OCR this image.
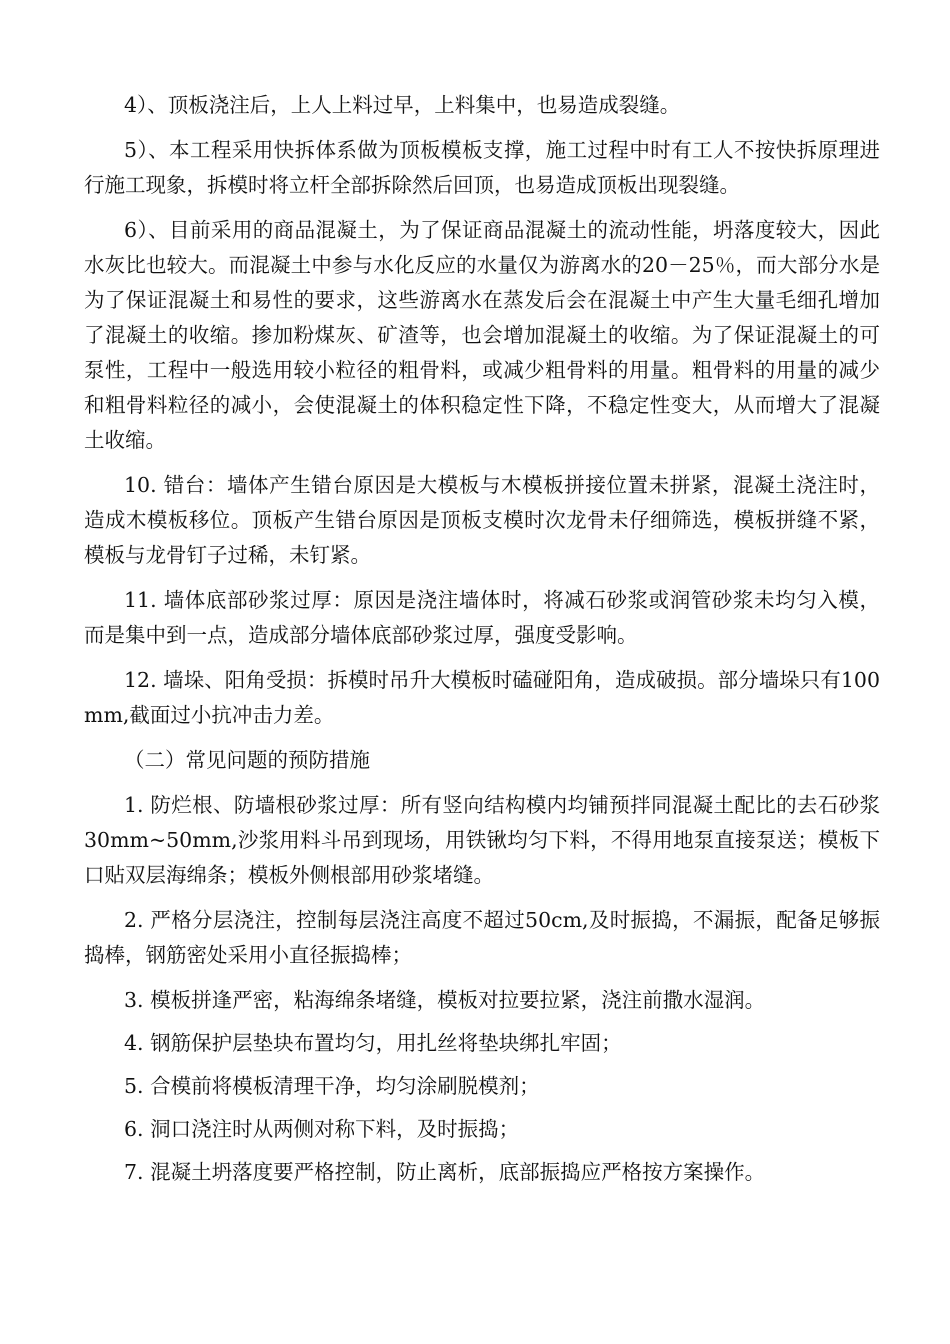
4）、顶板浇注后，上人上料过早，上料集中，也易造成裂缝。

5）、本工程采用快拆体系做为顶板模板支撑，施工过程中时有工人不按快拆原理进行施工现象，拆模时将立杆全部拆除然后回顶，也易造成顶板出现裂缝。

6）、目前采用的商品混凝土，为了保证商品混凝土的流动性能，坍落度较大，因此水灰比也较大。而混凝土中参与水化反应的水量仅为游离水的20－25％，而大部分水是为了保证混凝土和易性的要求，这些游离水在蒸发后会在混凝土中产生大量毛细孔增加了混凝土的收缩。掺加粉煤灰、矿渣等，也会增加混凝土的收缩。为了保证混凝土的可泵性，工程中一般选用较小粒径的粗骨料，或减少粗骨料的用量。粗骨料的用量的减少和粗骨料粒径的减小，会使混凝土的体积稳定性下降，不稳定性变大，从而增大了混凝土收缩。

10. 错台：墙体产生错台原因是大模板与木模板拼接位置未拼紧，混凝土浇注时，造成木模板移位。顶板产生错台原因是顶板支模时次龙骨未仔细筛选，模板拼缝不紧，模板与龙骨钉子过稀，未钉紧。

11. 墙体底部砂浆过厚：原因是浇注墙体时，将减石砂浆或润管砂浆未均匀入模，而是集中到一点，造成部分墙体底部砂浆过厚，强度受影响。

12. 墙垛、阳角受损：拆模时吊升大模板时磕碰阳角，造成破损。部分墙垛只有100mm,截面过小抗冲击力差。

（二）常见问题的预防措施

1. 防烂根、防墙根砂浆过厚：所有竖向结构模内均铺预拌同混凝土配比的去石砂浆30mm~50mm,沙浆用料斗吊到现场，用铁锹均匀下料，不得用地泵直接泵送；模板下口贴双层海绵条；模板外侧根部用砂浆堵缝。

2. 严格分层浇注，控制每层浇注高度不超过50cm,及时振捣，不漏振，配备足够振捣棒，钢筋密处采用小直径振捣棒；

3. 模板拼逢严密，粘海绵条堵缝，模板对拉要拉紧，浇注前撒水湿润。

4. 钢筋保护层垫块布置均匀，用扎丝将垫块绑扎牢固；

5. 合模前将模板清理干净，均匀涂刷脱模剂；

6. 洞口浇注时从两侧对称下料，及时振捣；

7. 混凝土坍落度要严格控制，防止离析，底部振捣应严格按方案操作。
